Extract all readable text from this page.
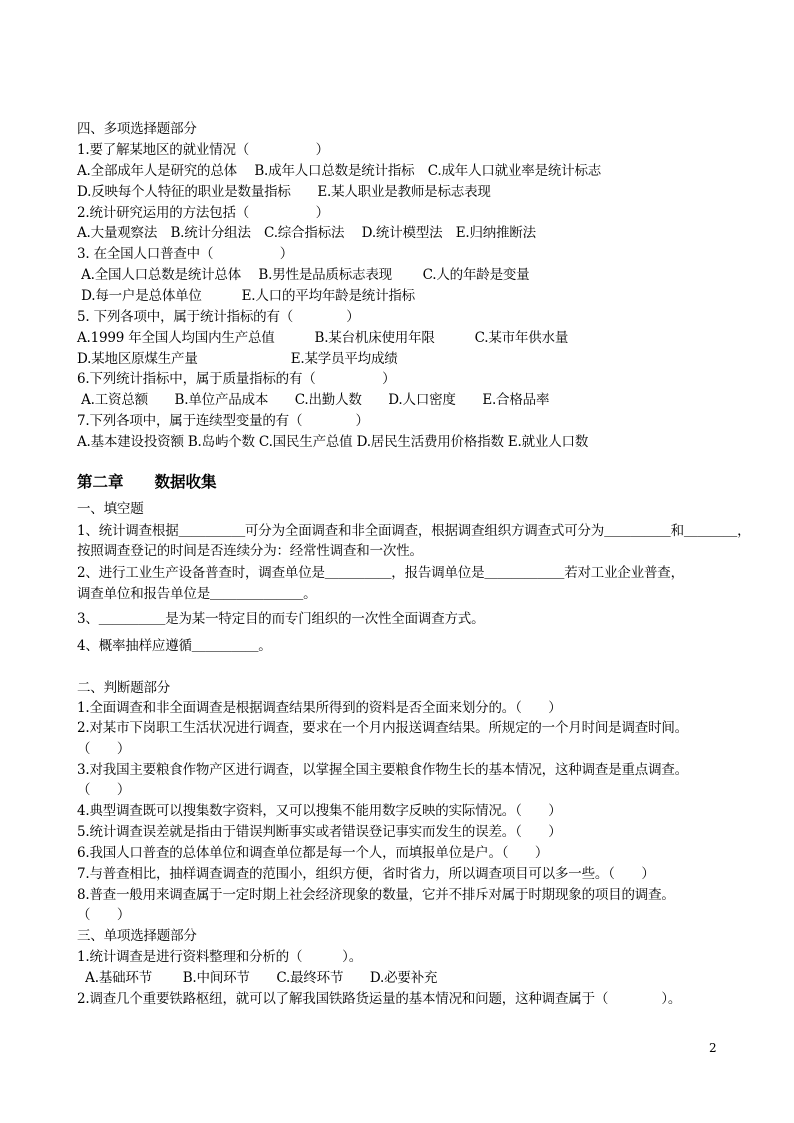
四、多项选择题部分
1.要了解某地区的就业情况（　　　　　）
A.全部成年人是研究的总体　 B.成年人口总数是统计指标　C.成年人口就业率是统计标志
D.反映每个人特征的职业是数量指标　　E.某人职业是教师是标志表现
2.统计研究运用的方法包括（　　　　　）
A.大量观察法　B.统计分组法　C.综合指标法　 D.统计模型法　E.归纳推断法
3. 在全国人口普查中（　　　　　）
A.全国人口总数是统计总体　 B.男性是品质标志表现　　 C.人的年龄是变量
D.每一户是总体单位　　　E.人口的平均年龄是统计指标
5. 下列各项中，属于统计指标的有（　　　　）
A.1999 年全国人均国内生产总值　　　B.某台机床使用年限　　　C.某市年供水量
D.某地区原煤生产量　　　　　　　E.某学员平均成绩
6.下列统计指标中，属于质量指标的有（　　　　　）
A.工资总额　　B.单位产品成本　　C.出勤人数　　D.人口密度　　E.合格品率
7.下列各项中，属于连续型变量的有（　　　　）
A.基本建设投资额 B.岛屿个数 C.国民生产总值 D.居民生活费用价格指数 E.就业人口数
第二章　　数据收集
一、填空题
1、统计调查根据＿＿＿＿＿可分为全面调查和非全面调查，根据调查组织方调查式可分为＿＿＿＿＿和＿＿＿＿，
按照调查登记的时间是否连续分为：经常性调查和一次性。
2、进行工业生产设备普查时，调查单位是＿＿＿＿＿，报告调单位是＿＿＿＿＿＿若对工业企业普查，
调查单位和报告单位是＿＿＿＿＿＿＿。
3、＿＿＿＿＿是为某一特定目的而专门组织的一次性全面调查方式。
4、概率抽样应遵循＿＿＿＿＿。
二、判断题部分
1.全面调查和非全面调查是根据调查结果所得到的资料是否全面来划分的。（　　）
2.对某市下岗职工生活状况进行调查，要求在一个月内报送调查结果。所规定的一个月时间是调查时间。
（　　）
3.对我国主要粮食作物产区进行调查，以掌握全国主要粮食作物生长的基本情况，这种调查是重点调查。
（　　）
4.典型调查既可以搜集数字资料，又可以搜集不能用数字反映的实际情况。（　　）
5.统计调查误差就是指由于错误判断事实或者错误登记事实而发生的误差。（　　）
6.我国人口普查的总体单位和调查单位都是每一个人，而填报单位是户。（　　）
7.与普查相比，抽样调查调查的范围小，组织方便，省时省力，所以调查项目可以多一些。（　　）
8.普查一般用来调查属于一定时期上社会经济现象的数量，它并不排斥对属于时期现象的项目的调查。
（　　）
三、单项选择题部分
1.统计调查是进行资料整理和分析的（　　　）。
A.基础环节　　 B.中间环节　　C.最终环节　　D.必要补充
2.调查几个重要铁路枢纽，就可以了解我国铁路货运量的基本情况和问题，这种调查属于（　　　　）。
2
